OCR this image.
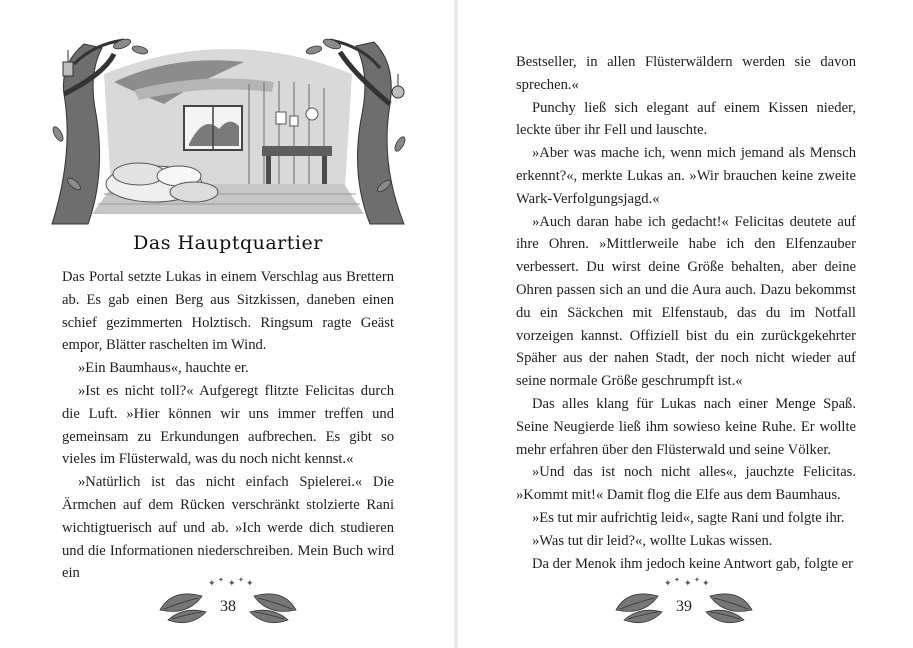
Das Hauptquartier

Das Portal setzte Lukas in einem Verschlag aus Brettern ab. Es gab einen Berg aus Sitzkissen, daneben einen schief gezimmerten Holztisch. Ringsum ragte Geäst empor, Blätter raschelten im Wind.

»Ein Baumhaus«, hauchte er.

»Ist es nicht toll?« Aufgeregt flitzte Felicitas durch die Luft. »Hier können wir uns immer treffen und gemeinsam zu Erkundungen aufbrechen. Es gibt so vieles im Flüsterwald, was du noch nicht kennst.«

»Natürlich ist das nicht einfach Spielerei.« Die Ärmchen auf dem Rücken verschränkt stolzierte Rani wichtigtuerisch auf und ab. »Ich werde dich studieren und die Informationen niederschreiben. Mein Buch wird ein

✦ ✦ ✦ ✦ ✦
38

Bestseller, in allen Flüsterwäldern werden sie davon sprechen.«

Punchy ließ sich elegant auf einem Kissen nieder, leckte über ihr Fell und lauschte.

»Aber was mache ich, wenn mich jemand als Mensch erkennt?«, merkte Lukas an. »Wir brauchen keine zweite Wark-Verfolgungsjagd.«

»Auch daran habe ich gedacht!« Felicitas deutete auf ihre Ohren. »Mittlerweile habe ich den Elfenzauber verbessert. Du wirst deine Größe behalten, aber deine Ohren passen sich an und die Aura auch. Dazu bekommst du ein Säckchen mit Elfenstaub, das du im Notfall vorzeigen kannst. Offiziell bist du ein zurückgekehrter Späher aus der nahen Stadt, der noch nicht wieder auf seine normale Größe geschrumpft ist.«

Das alles klang für Lukas nach einer Menge Spaß. Seine Neugierde ließ ihm sowieso keine Ruhe. Er wollte mehr erfahren über den Flüsterwald und seine Völker.

»Und das ist noch nicht alles«, jauchzte Felicitas. »Kommt mit!« Damit flog die Elfe aus dem Baumhaus.

»Es tut mir aufrichtig leid«, sagte Rani und folgte ihr.

»Was tut dir leid?«, wollte Lukas wissen.

Da der Menok ihm jedoch keine Antwort gab, folgte er

✦ ✦ ✦ ✦ ✦
39
